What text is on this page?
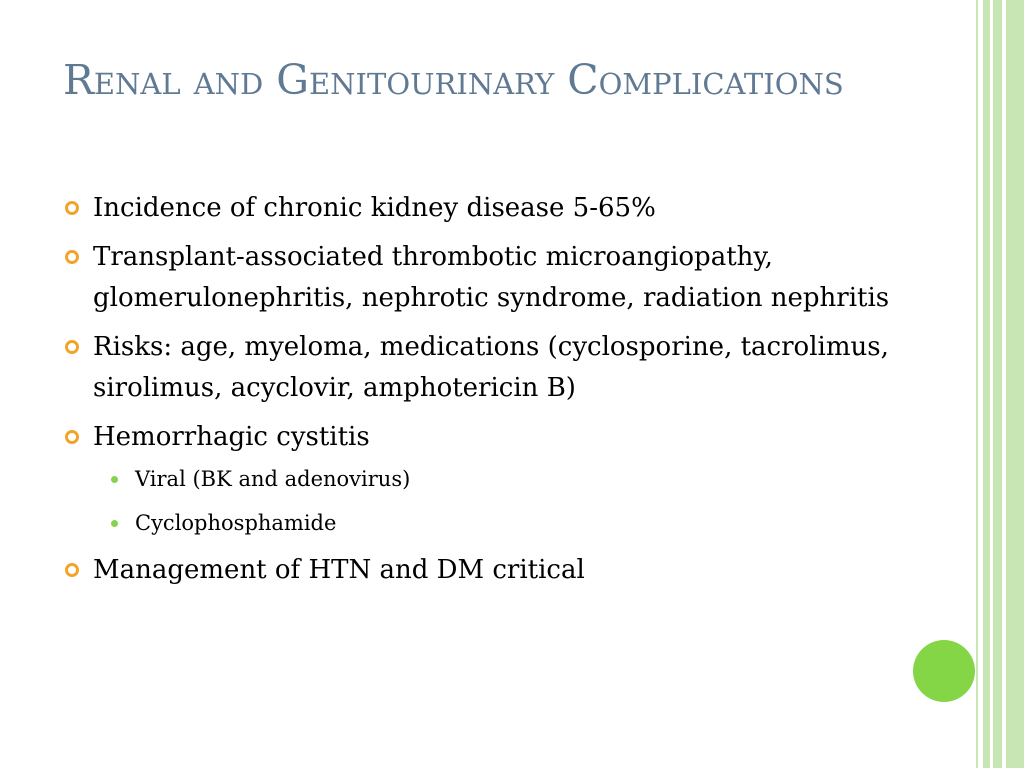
Renal and Genitourinary Complications
Incidence of chronic kidney disease 5-65%
Transplant-associated thrombotic microangiopathy, glomerulonephritis, nephrotic syndrome, radiation nephritis
Risks: age, myeloma, medications (cyclosporine, tacrolimus, sirolimus, acyclovir, amphotericin B)
Hemorrhagic cystitis
Viral (BK and adenovirus)
Cyclophosphamide
Management of HTN and DM critical
